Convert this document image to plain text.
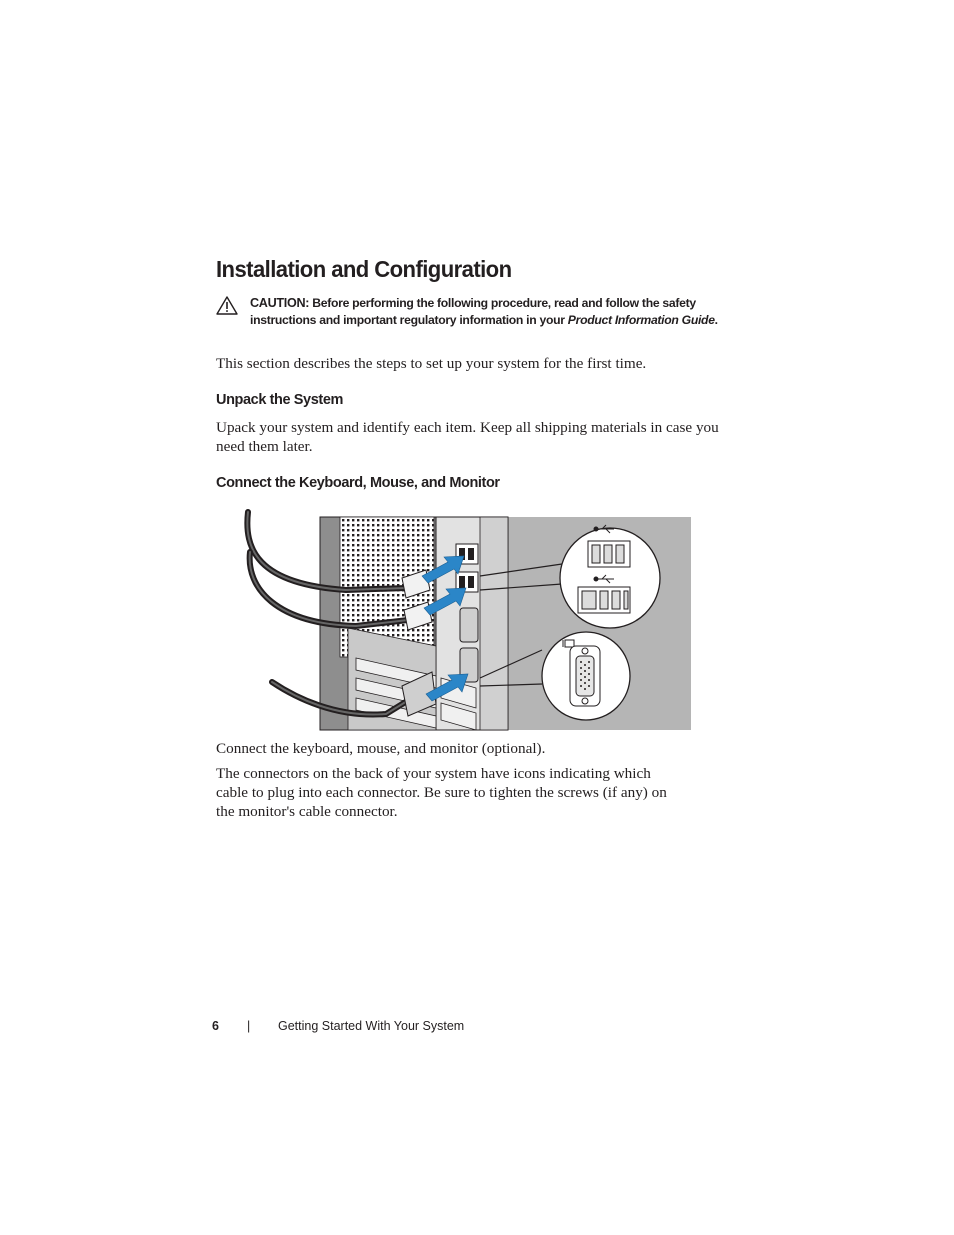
Installation and Configuration
CAUTION: Before performing the following procedure, read and follow the safety instructions and important regulatory information in your Product Information Guide.

This section describes the steps to set up your system for the first time.

Unpack the System

Upack your system and identify each item. Keep all shipping materials in case you need them later.

Connect the Keyboard, Mouse, and Monitor

Connect the keyboard, mouse, and monitor (optional).

The connectors on the back of your system have icons indicating which cable to plug into each connector. Be sure to tighten the screws (if any) on the monitor's cable connector.

6 | Getting Started With Your System
